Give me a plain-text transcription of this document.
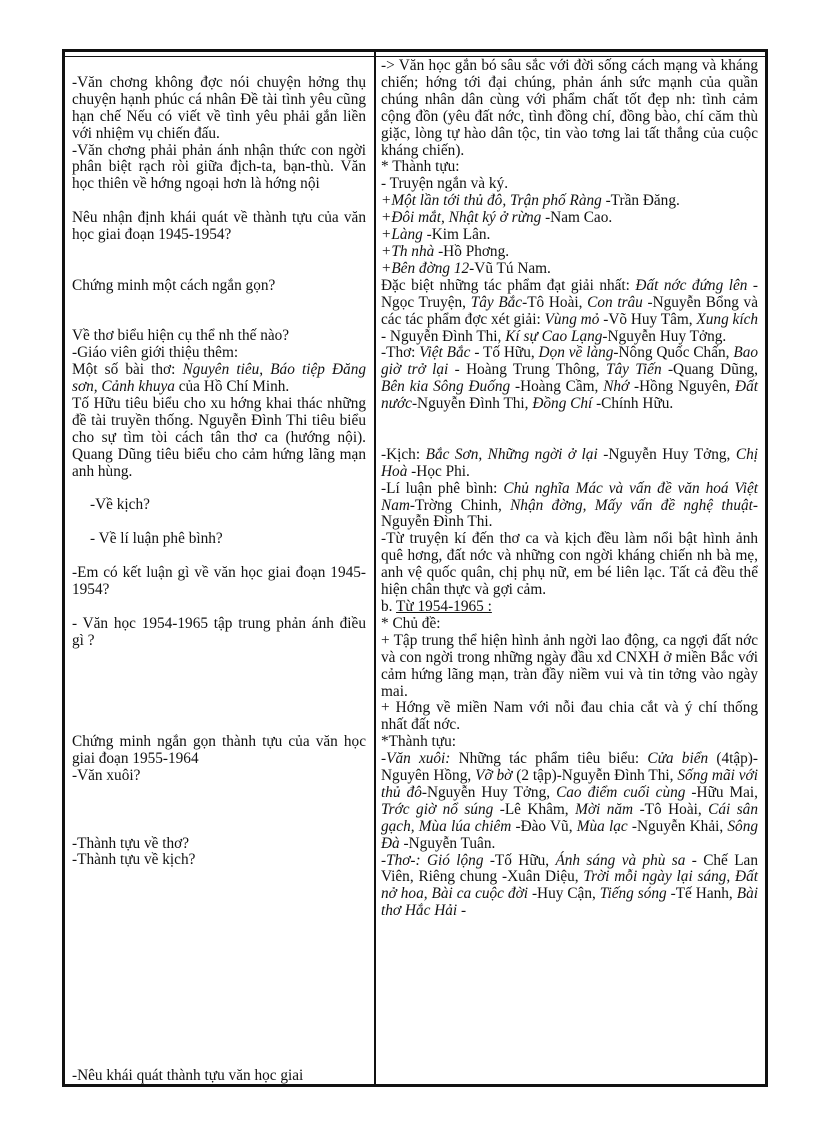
-Văn chơng không đợc nói chuyện hởng thụ chuyện hạnh phúc cá nhân Đề tài tình yêu cũng hạn chế Nếu có viết về tình yêu phải gắn liền với nhiệm vụ chiến đấu.

-Văn chơng phải phản ánh nhận thức con ngời phân biệt rạch ròi giữa địch-ta, bạn-thù. Văn học thiên về hớng ngoại hơn là hớng nội

Nêu nhận định khái quát về thành tựu của văn học giai đoạn 1945-1954?

Chứng minh một cách ngắn gọn?

Về thơ biểu hiện cụ thể nh thế nào?

-Giáo viên giới thiệu thêm:

Một số bài thơ: Nguyên tiêu, Báo tiệp Đăng sơn, Cảnh khuya của Hồ Chí Minh.

Tố Hữu tiêu biểu cho xu hớng khai thác những đề tài truyền thống. Nguyễn Đình Thi tiêu biểu cho sự tìm tòi cách tân thơ ca (hướng nội). Quang Dũng tiêu biểu cho cảm hứng lãng mạn anh hùng.

-Về kịch?

- Về lí luận phê bình?

-Em có kết luận gì về văn học giai đoạn 1945-1954?

- Văn học 1954-1965 tập trung phản ánh điều gì ?

Chứng minh ngắn gọn thành tựu của văn học giai đoạn 1955-1964

-Văn xuôi?

-Thành tựu về thơ?

-Thành tựu về kịch?

-Nêu khái quát thành tựu văn học giai

-> Văn học gắn bó sâu sắc với đời sống cách mạng và kháng chiến; hớng tới đại chúng, phản ánh sức mạnh của quần chúng nhân dân cùng với phẩm chất tốt đẹp nh: tình cảm cộng đồn (yêu đất nớc, tình đồng chí, đồng bào, chí căm thù giặc, lòng tự hào dân tộc, tin vào tơng lai tất thắng của cuộc kháng chiến).

* Thành tựu:

- Truyện ngắn và ký.

+Một lần tới thủ đô, Trận phố Ràng -Trần Đăng.

+Đôi mắt, Nhật ký ở rừng -Nam Cao.

+Làng -Kim Lân.

+Th nhà -Hồ Phơng.

+Bên đờng 12-Vũ Tú Nam.

Đặc biệt những tác phẩm đạt giải nhất: Đất nớc đứng lên - Ngọc Truyện, Tây Bắc-Tô Hoài, Con trâu -Nguyễn Bổng và các tác phẩm đợc xét giải: Vùng mỏ -Võ Huy Tâm, Xung kích - Nguyễn Đình Thi, Kí sự Cao Lạng-Nguyễn Huy Tởng.

-Thơ: Việt Bắc - Tố Hữu, Dọn về làng-Nông Quốc Chấn, Bao giờ trở lại - Hoàng Trung Thông, Tây Tiến -Quang Dũng, Bên kia Sông Đuống -Hoàng Cầm, Nhớ -Hồng Nguyên, Đất nước-Nguyễn Đình Thi, Đồng Chí -Chính Hữu.

-Kịch: Bắc Sơn, Những ngời ở lại -Nguyễn Huy Tởng, Chị Hoà -Học Phi.

-Lí luận phê bình: Chủ nghĩa Mác và vấn đề văn hoá Việt Nam-Trờng Chinh, Nhận đờng, Mấy vấn đề nghệ thuật-Nguyễn Đình Thi.

-Từ truyện kí đến thơ ca và kịch đều làm nổi bật hình ảnh quê hơng, đất nớc và những con ngời kháng chiến nh bà mẹ, anh vệ quốc quân, chị phụ nữ, em bé liên lạc. Tất cả đều thể hiện chân thực và gợi cảm.

b. Từ 1954-1965 :

* Chủ đề:

+ Tập trung thể hiện hình ảnh ngời lao động, ca ngợi đất nớc và con ngời trong những ngày đầu xd CNXH ở miền Bắc với cảm hứng lãng mạn, tràn đầy niềm vui và tin tởng vào ngày mai.

+ Hớng về miền Nam với nỗi đau chia cắt và ý chí thống nhất đất nớc.

*Thành tựu:

-Văn xuôi: Những tác phẩm tiêu biểu: Cửa biển (4tập)-Nguyên Hồng, Vỡ bờ (2 tập)-Nguyễn Đình Thi, Sống mãi với thủ đô-Nguyễn Huy Tởng, Cao điểm cuối cùng -Hữu Mai, Trớc giờ nổ súng -Lê Khâm, Mời năm -Tô Hoài, Cái sân gạch, Mùa lúa chiêm -Đào Vũ, Mùa lạc -Nguyễn Khải, Sông Đà -Nguyễn Tuân.

-Thơ-: Gió lộng -Tố Hữu, Ánh sáng và phù sa - Chế Lan Viên, Riêng chung -Xuân Diệu, Trời mỗi ngày lại sáng, Đất nở hoa, Bài ca cuộc đời -Huy Cận, Tiếng sóng -Tế Hanh, Bài thơ Hắc Hải -
